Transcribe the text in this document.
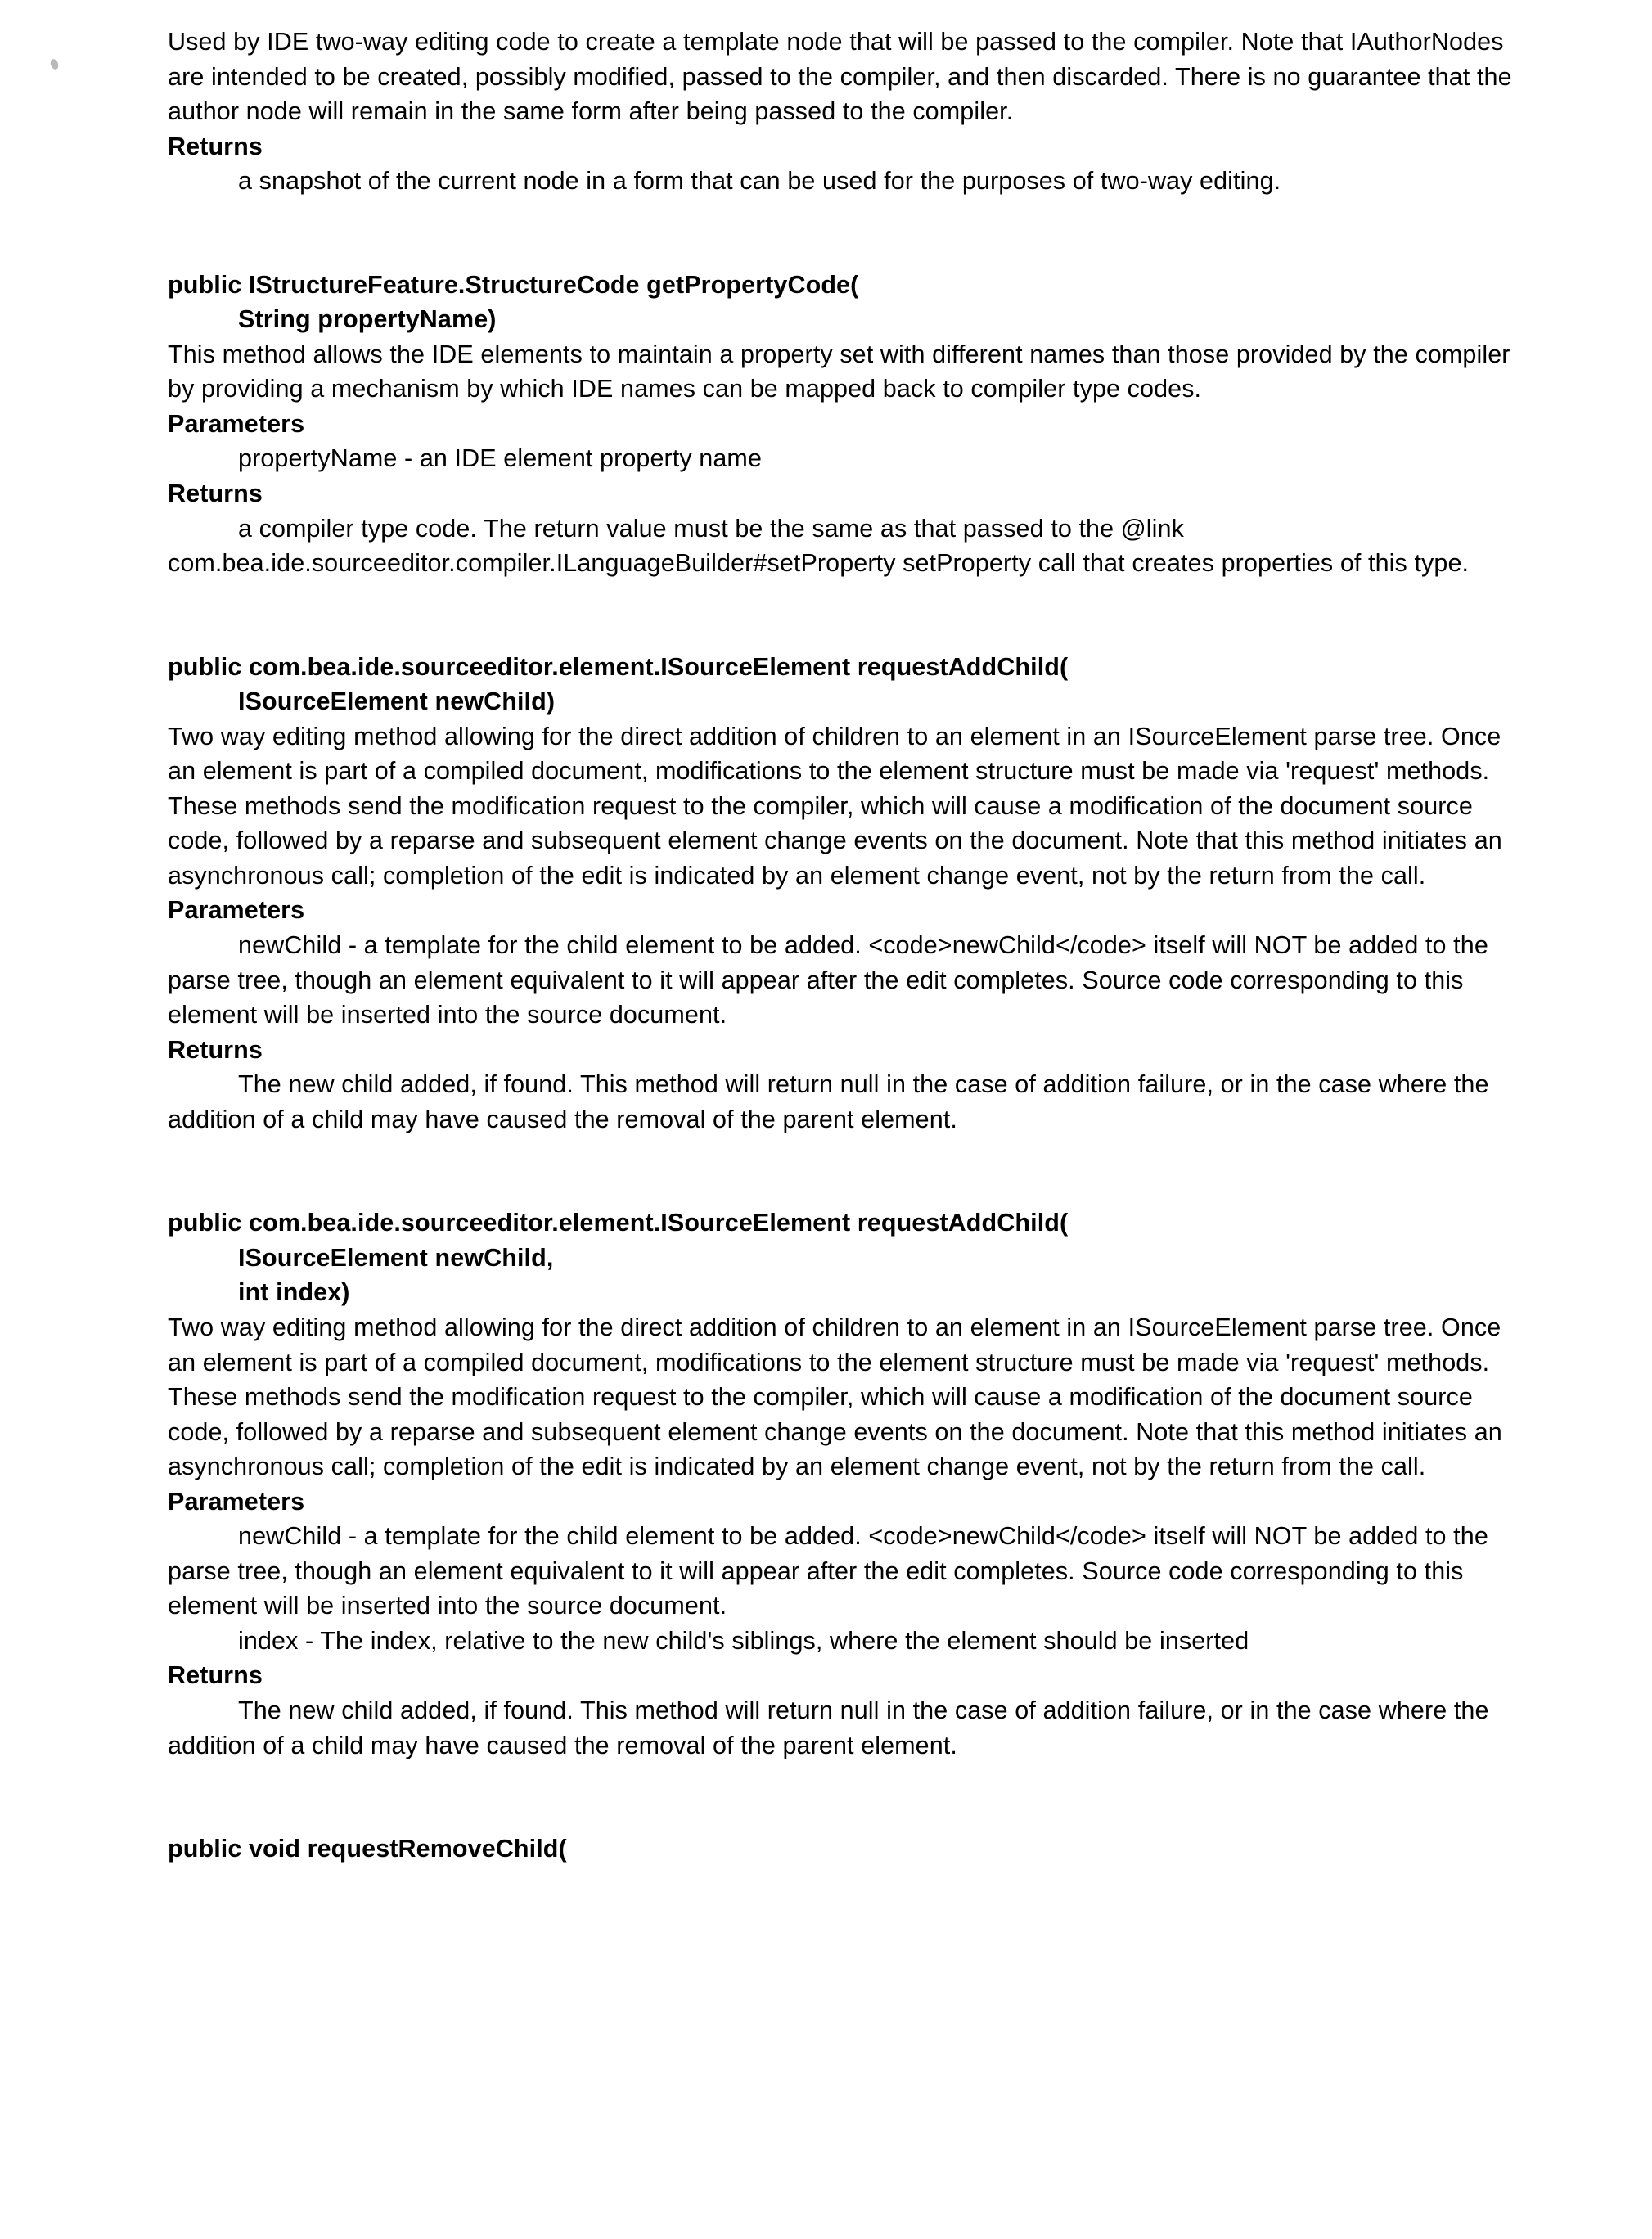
Used by IDE two-way editing code to create a template node that will be passed to the compiler. Note that IAuthorNodes are intended to be created, possibly modified, passed to the compiler, and then discarded. There is no guarantee that the author node will remain in the same form after being passed to the compiler.

Returns

a snapshot of the current node in a form that can be used for the purposes of two-way editing.

public IStructureFeature.StructureCode getPropertyCode(

String propertyName)

This method allows the IDE elements to maintain a property set with different names than those provided by the compiler by providing a mechanism by which IDE names can be mapped back to compiler type codes.

Parameters

propertyName - an IDE element property name

Returns

a compiler type code. The return value must be the same as that passed to the @link com.bea.ide.sourceeditor.compiler.ILanguageBuilder#setProperty setProperty call that creates properties of this type.

public com.bea.ide.sourceeditor.element.ISourceElement requestAddChild(

ISourceElement newChild)

Two way editing method allowing for the direct addition of children to an element in an ISourceElement parse tree. Once an element is part of a compiled document, modifications to the element structure must be made via 'request' methods. These methods send the modification request to the compiler, which will cause a modification of the document source code, followed by a reparse and subsequent element change events on the document. Note that this method initiates an asynchronous call; completion of the edit is indicated by an element change event, not by the return from the call.

Parameters

newChild - a template for the child element to be added. <code>newChild</code> itself will NOT be added to the parse tree, though an element equivalent to it will appear after the edit completes. Source code corresponding to this element will be inserted into the source document.

Returns

The new child added, if found. This method will return null in the case of addition failure, or in the case where the addition of a child may have caused the removal of the parent element.

public com.bea.ide.sourceeditor.element.ISourceElement requestAddChild(

ISourceElement newChild,

int index)

Two way editing method allowing for the direct addition of children to an element in an ISourceElement parse tree. Once an element is part of a compiled document, modifications to the element structure must be made via 'request' methods. These methods send the modification request to the compiler, which will cause a modification of the document source code, followed by a reparse and subsequent element change events on the document. Note that this method initiates an asynchronous call; completion of the edit is indicated by an element change event, not by the return from the call.

Parameters

newChild - a template for the child element to be added. <code>newChild</code> itself will NOT be added to the parse tree, though an element equivalent to it will appear after the edit completes. Source code corresponding to this element will be inserted into the source document.

index - The index, relative to the new child's siblings, where the element should be inserted

Returns

The new child added, if found. This method will return null in the case of addition failure, or in the case where the addition of a child may have caused the removal of the parent element.

public void requestRemoveChild(
